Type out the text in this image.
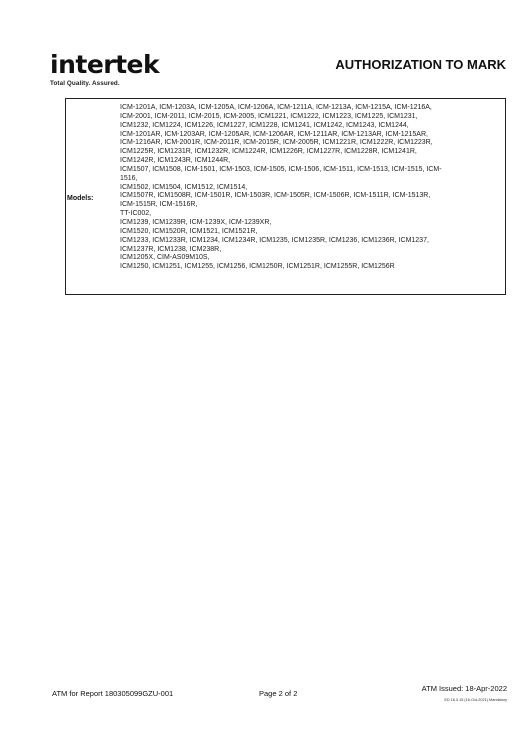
intertek
Total Quality. Assured.
AUTHORIZATION TO MARK
Models:
ICM-1201A, ICM-1203A, ICM-1205A, ICM-1206A, ICM-1211A, ICM-1213A, ICM-1215A, ICM-1216A,
ICM-2001, ICM-2011, ICM-2015, ICM-2005, ICM1221, ICM1222, ICM1223, ICM1225, ICM1231,
ICM1232, ICM1224, ICM1226, ICM1227, ICM1228, ICM1241, ICM1242, ICM1243, ICM1244,
ICM-1201AR, ICM-1203AR, ICM-1205AR, ICM-1206AR, ICM-1211AR, ICM-1213AR, ICM-1215AR,
ICM-1216AR, ICM-2001R, ICM-2011R, ICM-2015R, ICM-2005R, ICM1221R, ICM1222R, ICM1223R,
ICM1225R, ICM1231R, ICM1232R, ICM1224R, ICM1226R, ICM1227R, ICM1228R, ICM1241R,
ICM1242R, ICM1243R, ICM1244R,
ICM1507, ICM1508, ICM-1501, ICM-1503, ICM-1505, ICM-1506, ICM-1511, ICM-1513, ICM-1515, ICM-
1516,
ICM1502, ICM1504, ICM1512, ICM1514,
ICM1507R, ICM1508R, ICM-1501R, ICM-1503R, ICM-1505R, ICM-1506R, ICM-1511R, ICM-1513R,
ICM-1515R, ICM-1516R,
TT-IC002,
ICM1239, ICM1239R, ICM-1239X, ICM-1239XR,
ICM1520, ICM1520R, ICM1521, ICM1521R,
ICM1233, ICM1233R, ICM1234, ICM1234R, ICM1235, ICM1235R, ICM1236, ICM1236R, ICM1237,
ICM1237R, ICM1238, ICM238R,
ICM1205X, CIM-AS09M10S,
ICM1250, ICM1251, ICM1255, ICM1256, ICM1250R, ICM1251R, ICM1255R, ICM1256R
ATM for Report 180305099GZU-001	Page 2 of 2
ATM Issued: 18-Apr-2022
ED 16.3.15 (16-Oct-2021) Mandatory
